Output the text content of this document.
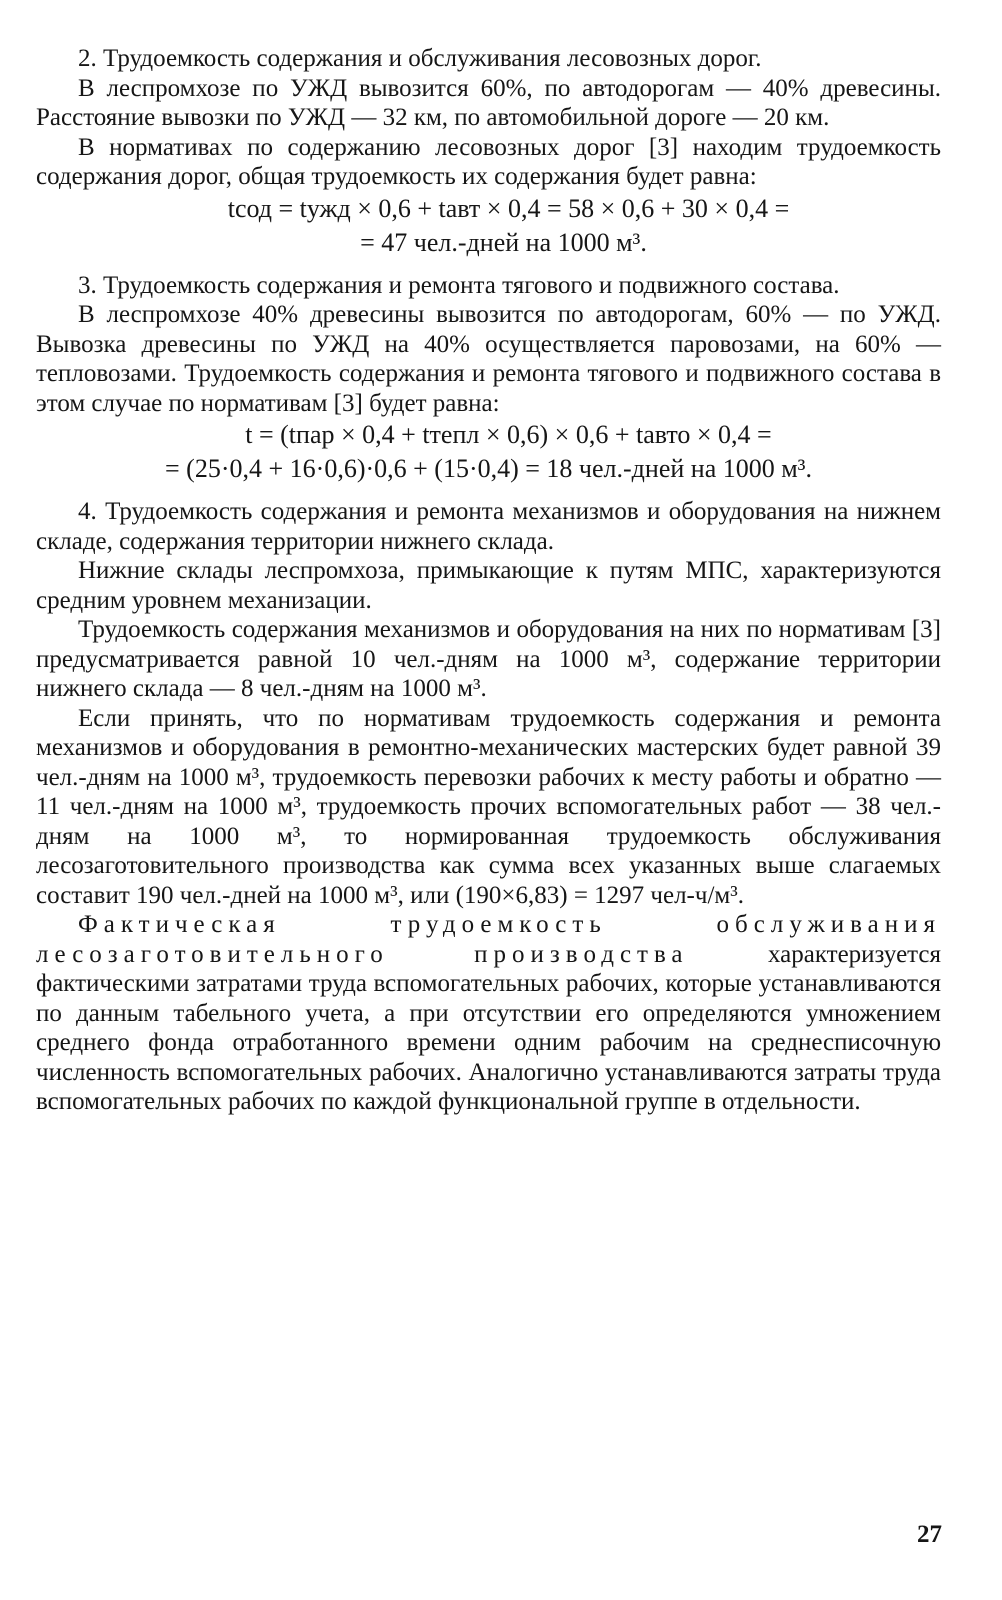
2. Трудоемкость содержания и обслуживания лесовозных дорог.

В леспромхозе по УЖД вывозится 60%, по автодорогам — 40% древесины. Расстояние вывозки по УЖД — 32 км, по автомобильной дороге — 20 км.

В нормативах по содержанию лесовозных дорог [3] находим трудоемкость содержания дорог, общая трудоемкость их содержания будет равна:

tсод = tужд × 0,6 + tавт × 0,4 = 58 × 0,6 + 30 × 0,4 =

= 47 чел.-дней на 1000 м³.

3. Трудоемкость содержания и ремонта тягового и подвижного состава.

В леспромхозе 40% древесины вывозится по автодорогам, 60% — по УЖД. Вывозка древесины по УЖД на 40% осуществляется паровозами, на 60% — тепловозами. Трудоемкость содержания и ремонта тягового и подвижного состава в этом случае по нормативам [3] будет равна:

t = (tпар × 0,4 + tтепл × 0,6) × 0,6 + tавто × 0,4 =

= (25·0,4 + 16·0,6)·0,6 + (15·0,4) = 18 чел.-дней на 1000 м³.

4. Трудоемкость содержания и ремонта механизмов и оборудования на нижнем складе, содержания территории нижнего склада.

Нижние склады леспромхоза, примыкающие к путям МПС, характеризуются средним уровнем механизации.

Трудоемкость содержания механизмов и оборудования на них по нормативам [3] предусматривается равной 10 чел.-дням на 1000 м³, содержание территории нижнего склада — 8 чел.-дням на 1000 м³.

Если принять, что по нормативам трудоемкость содержания и ремонта механизмов и оборудования в ремонтно-механических мастерских будет равной 39 чел.-дням на 1000 м³, трудоемкость перевозки рабочих к месту работы и обратно — 11 чел.-дням на 1000 м³, трудоемкость прочих вспомогательных работ — 38 чел.-дням на 1000 м³, то нормированная трудоемкость обслуживания лесозаготовительного производства как сумма всех указанных выше слагаемых составит 190 чел.-дней на 1000 м³, или (190×6,83) = 1297 чел-ч/м³.

Фактическая трудоемкость обслуживания лесозаготовительного производства характеризуется фактическими затратами труда вспомогательных рабочих, которые устанавливаются по данным табельного учета, а при отсутствии его определяются умножением среднего фонда отработанного времени одним рабочим на среднесписочную численность вспомогательных рабочих. Аналогично устанавливаются затраты труда вспомогательных рабочих по каждой функциональной группе в отдельности.

27
